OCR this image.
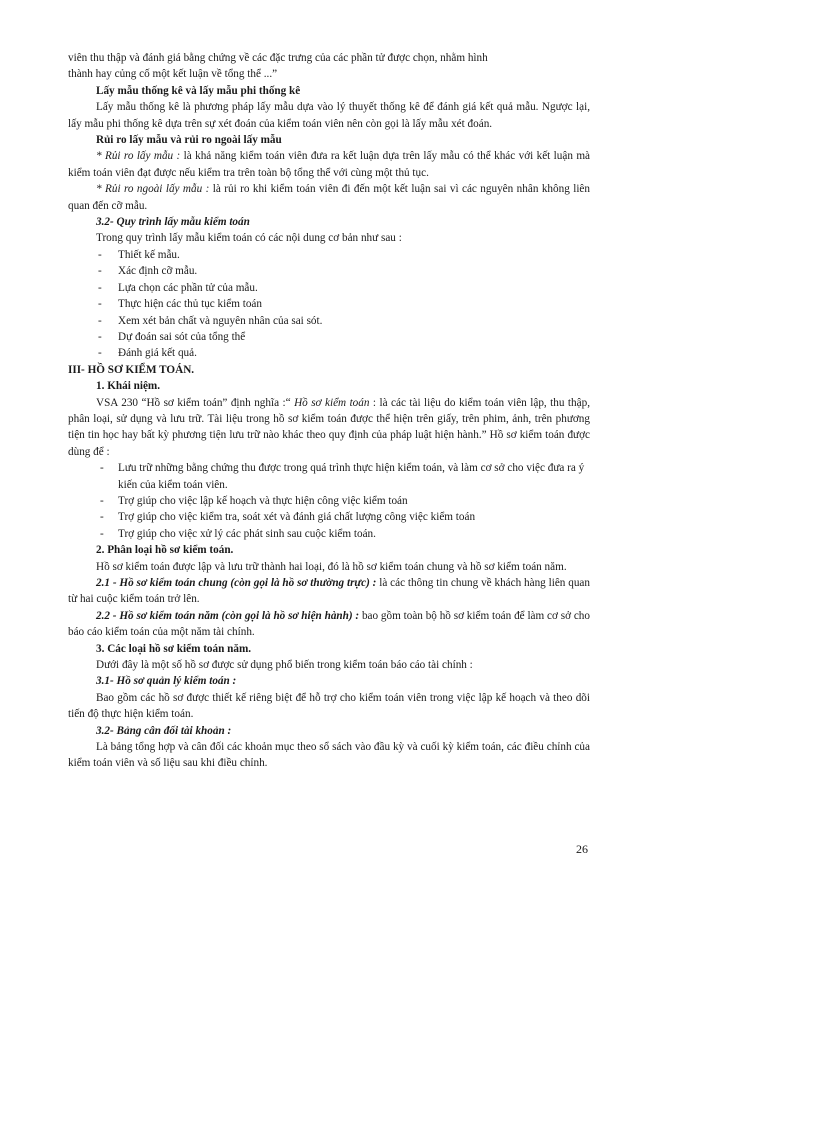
viên thu thập và đánh giá bằng chứng về các đặc trưng của các phần tử được chọn, nhằm hình

thành hay củng cố một kết luận về tổng thể ...”

Lấy mẫu thống kê và lấy mẫu phi thống kê

Lấy mẫu thống kê là phương pháp lấy mẫu dựa vào lý thuyết thống kê để đánh giá kết quả mẫu. Ngược lại, lấy mẫu phi thống kê dựa trên sự xét đoán của kiểm toán viên nên còn gọi là lấy mẫu xét đoán.

Rủi ro lấy mẫu và rủi ro ngoài lấy mẫu

* Rủi ro lấy mẫu : là khả năng kiểm toán viên đưa ra kết luận dựa trên lấy mẫu có thể khác với kết luận mà kiểm toán viên đạt được nếu kiểm tra trên toàn bộ tổng thể với cùng một thủ tục.

* Rủi ro ngoài lấy mẫu : là rủi ro khi kiểm toán viên đi đến một kết luận sai vì các nguyên nhân không liên quan đến cỡ mẫu.

3.2- Quy trình lấy mẫu kiểm toán

Trong quy trình lấy mẫu kiểm toán có các nội dung cơ bản như sau :

-	Thiết kế mẫu.

-	Xác định cỡ mẫu.

-	Lựa chọn các phần tử của mẫu.

-	Thực hiện các thủ tục kiểm toán

-	Xem xét bản chất và nguyên nhân của sai sót.

-	Dự đoán sai sót của tổng thể

-	Đánh giá kết quả.

III- HỒ SƠ KIỂM TOÁN.

1. Khái niệm.

VSA 230 “Hồ sơ kiểm toán” định nghĩa :“ Hồ sơ kiểm toán : là các tài liệu do kiểm toán viên lập, thu thập, phân loại, sử dụng và lưu trữ. Tài liệu trong hồ sơ kiểm toán được thể hiện trên giấy, trên phim, ảnh, trên phương tiện tin học hay bất kỳ phương tiện lưu trữ nào khác theo quy định của pháp luật hiện hành.” Hồ sơ kiểm toán được dùng để :

-	Lưu trữ những bằng chứng thu được trong quá trình thực hiện kiểm toán, và làm cơ sở cho việc đưa ra ý kiến của kiểm toán viên.

-	Trợ giúp cho việc lập kế hoạch và thực hiện công việc kiểm toán

-	Trợ giúp cho việc kiểm tra, soát xét và đánh giá chất lượng công việc kiểm toán

-	Trợ giúp cho việc xử lý các phát sinh sau cuộc kiểm toán.

2. Phân loại hồ sơ kiểm toán.

Hồ sơ kiểm toán được lập và lưu trữ thành hai loại, đó là hồ sơ kiểm toán chung và hồ sơ kiểm toán năm.

2.1 - Hồ sơ kiểm toán chung (còn gọi là hồ sơ thường trực) : là các thông tin chung về khách hàng liên quan từ hai cuộc kiểm toán trở lên.

2.2 - Hồ sơ kiểm toán năm (còn gọi là hồ sơ hiện hành) : bao gồm toàn bộ hồ sơ kiểm toán để làm cơ sở cho báo cáo kiểm toán của một năm tài chính.

3. Các loại hồ sơ kiểm toán năm.

Dưới đây là một số hồ sơ được sử dụng phổ biến trong kiểm toán báo cáo tài chính :

3.1- Hồ sơ quản lý kiểm toán :

Bao gồm các hồ sơ được thiết kế riêng biệt để hỗ trợ cho kiểm toán viên trong việc lập kế hoạch và theo dõi tiến độ thực hiện kiểm toán.

3.2- Bảng cân đối tài khoản :

Là bảng tổng hợp và cân đối các khoản mục theo sổ sách vào đầu kỳ và cuối kỳ kiểm toán, các điều chỉnh của kiểm toán viên và số liệu sau khi điều chỉnh.

26
